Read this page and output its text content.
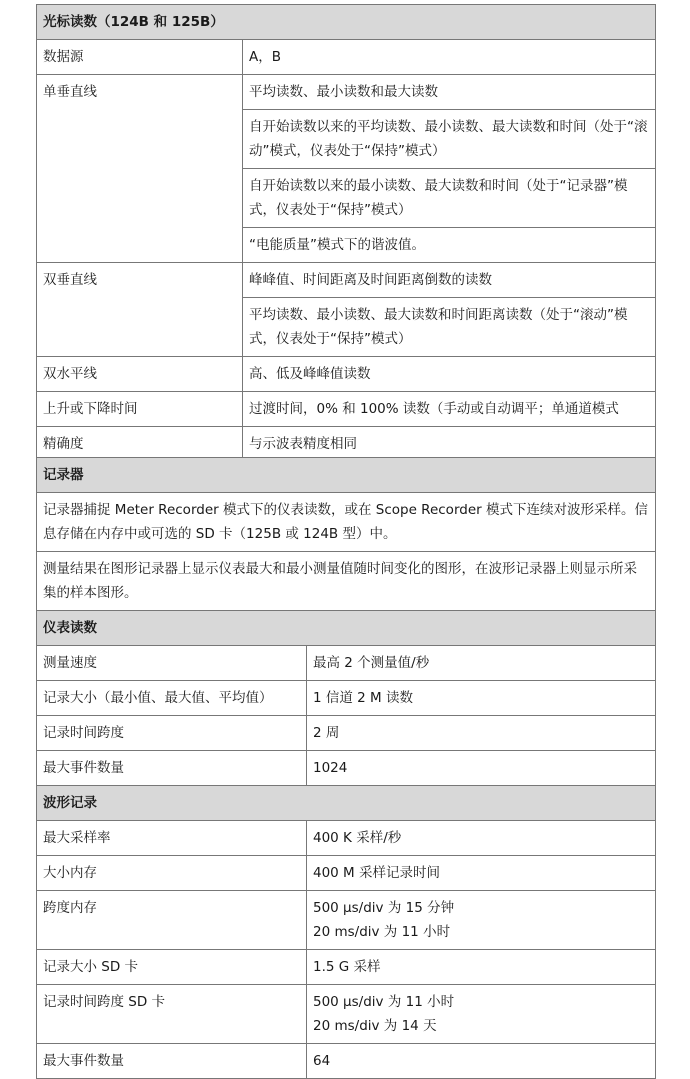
光标读数（124B 和 125B）	
数据源	A，B
单垂直线	平均读数、最小读数和最大读数
	自开始读数以来的平均读数、最小读数、最大读数和时间（处于“滚动”模式，仪表处于“保持”模式）
	自开始读数以来的最小读数、最大读数和时间（处于“记录器”模式，仪表处于“保持”模式）
	“电能质量”模式下的谐波值。
双垂直线	峰峰值、时间距离及时间距离倒数的读数
	平均读数、最小读数、最大读数和时间距离读数（处于“滚动”模式，仪表处于“保持”模式）
双水平线	高、低及峰峰值读数
上升或下降时间	过渡时间，0% 和 100% 读数（手动或自动调平；单通道模式
精确度	与示波表精度相同
记录器	
记录器捕捉 Meter Recorder 模式下的仪表读数，或在 Scope Recorder 模式下连续对波形采样。信息存储在内存中或可选的 SD 卡（125B 或 124B 型）中。	
测量结果在图形记录器上显示仪表最大和最小测量值随时间变化的图形，在波形记录器上则显示所采集的样本图形。	
仪表读数	
测量速度	最高 2 个测量值/秒
记录大小（最小值、最大值、平均值）	1 信道 2 M 读数
记录时间跨度	2 周
最大事件数量	1024
波形记录	
最大采样率	400 K 采样/秒
大小内存	400 M 采样记录时间
跨度内存	500 μs/div 为 15 分钟
20 ms/div 为 11 小时

记录大小 SD 卡	1.5 G 采样
记录时间跨度 SD 卡	500 μs/div 为 11 小时
20 ms/div 为 14 天

最大事件数量	64
